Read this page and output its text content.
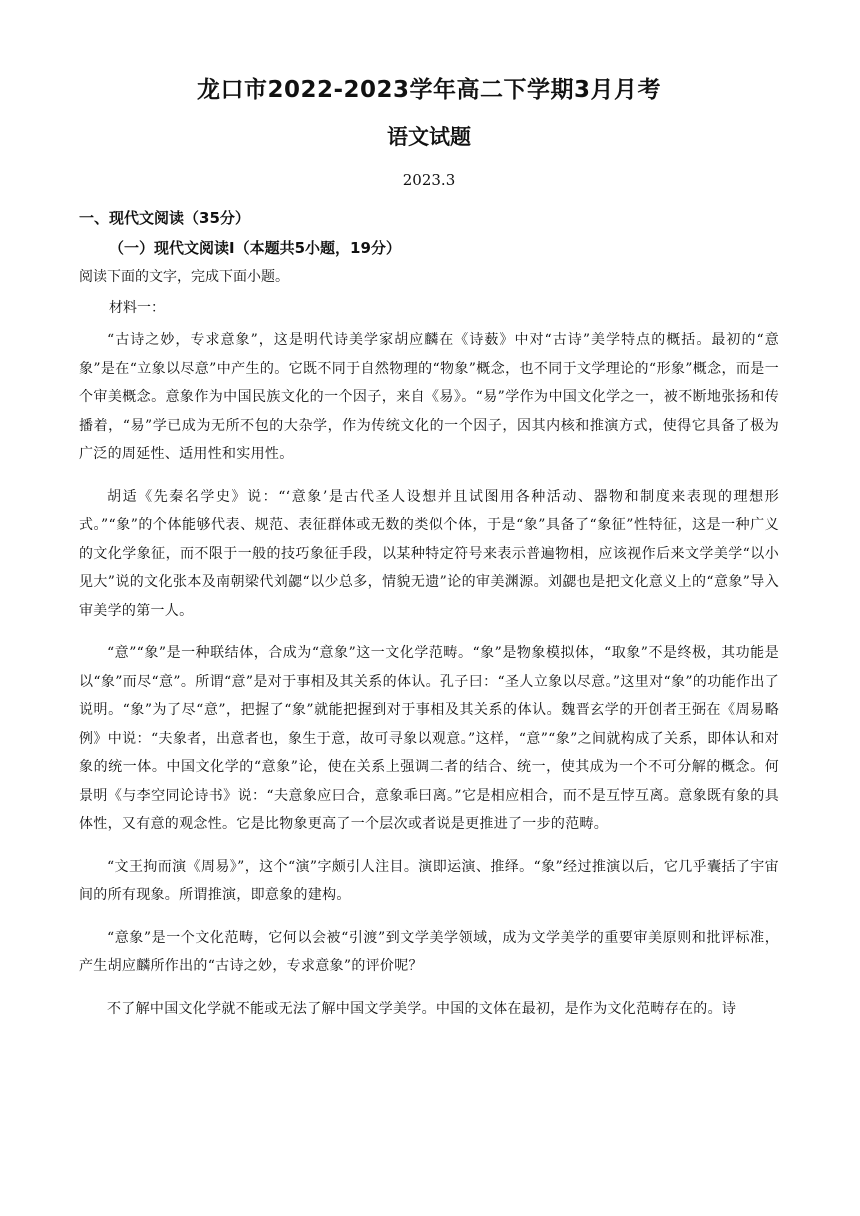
龙口市2022-2023学年高二下学期3月月考
语文试题
2023.3
一、现代文阅读（35分）
（一）现代文阅读Ⅰ（本题共5小题，19分）
阅读下面的文字，完成下面小题。
材料一：

“古诗之妙，专求意象”，这是明代诗美学家胡应麟在《诗薮》中对“古诗”美学特点的概括。最初的“意象”是在“立象以尽意”中产生的。它既不同于自然物理的“物象”概念，也不同于文学理论的“形象”概念，而是一个审美概念。意象作为中国民族文化的一个因子，来自《易》。“易”学作为中国文化学之一，被不断地张扬和传播着，“易”学已成为无所不包的大杂学，作为传统文化的一个因子，因其内核和推演方式，使得它具备了极为广泛的周延性、适用性和实用性。

胡适《先秦名学史》说：“‘意象’是古代圣人设想并且试图用各种活动、器物和制度来表现的理想形式。”“象”的个体能够代表、规范、表征群体或无数的类似个体，于是“象”具备了“象征”性特征，这是一种广义的文化学象征，而不限于一般的技巧象征手段，以某种特定符号来表示普遍物相，应该视作后来文学美学“以小见大”说的文化张本及南朝梁代刘勰“以少总多，情貌无遗”论的审美渊源。刘勰也是把文化意义上的“意象”导入审美学的第一人。

“意”“象”是一种联结体，合成为“意象”这一文化学范畴。“象”是物象模拟体，“取象”不是终极，其功能是以“象”而尽“意”。所谓“意”是对于事相及其关系的体认。孔子曰：“圣人立象以尽意。”这里对“象”的功能作出了说明。“象”为了尽“意”，把握了“象”就能把握到对于事相及其关系的体认。魏晋玄学的开创者王弼在《周易略例》中说：“夫象者，出意者也，象生于意，故可寻象以观意。”这样，“意”“象”之间就构成了关系，即体认和对象的统一体。中国文化学的“意象”论，使在关系上强调二者的结合、统一，使其成为一个不可分解的概念。何景明《与李空同论诗书》说：“夫意象应曰合，意象乖曰离。”它是相应相合，而不是互悖互离。意象既有象的具体性，又有意的观念性。它是比物象更高了一个层次或者说是更推进了一步的范畴。

“文王拘而演《周易》”，这个“演”字颇引人注目。演即运演、推绎。“象”经过推演以后，它几乎囊括了宇宙间的所有现象。所谓推演，即意象的建构。

“意象”是一个文化范畴，它何以会被“引渡”到文学美学领域，成为文学美学的重要审美原则和批评标准，产生胡应麟所作出的“古诗之妙，专求意象”的评价呢？

不了解中国文化学就不能或无法了解中国文学美学。中国的文体在最初，是作为文化范畴存在的。诗
